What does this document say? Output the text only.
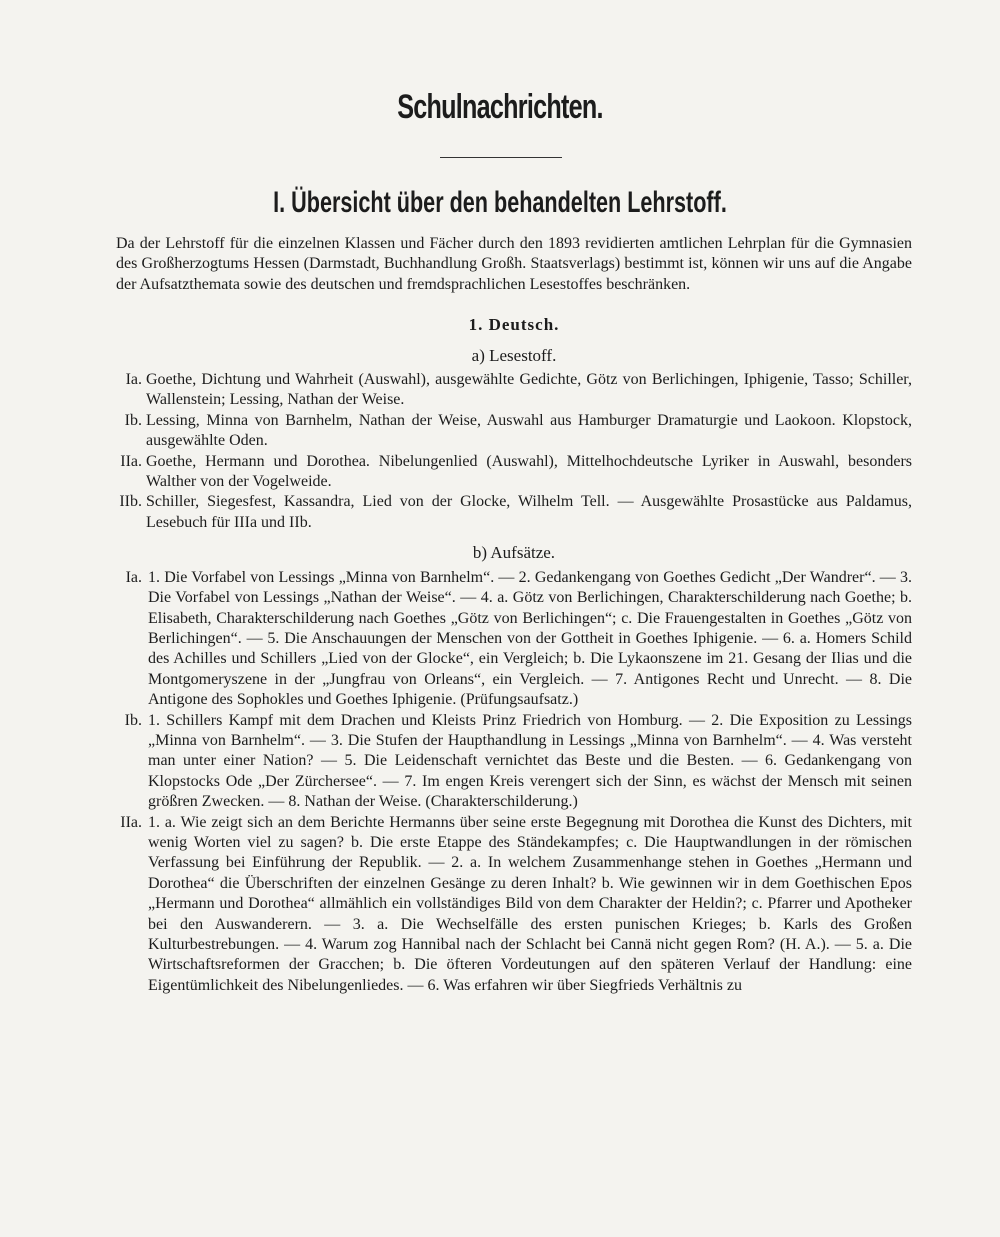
Schulnachrichten.
I. Übersicht über den behandelten Lehrstoff.

Da der Lehrstoff für die einzelnen Klassen und Fächer durch den 1893 revidierten amtlichen Lehrplan für die Gymnasien des Großherzogtums Hessen (Darmstadt, Buchhandlung Großh. Staatsverlags) bestimmt ist, können wir uns auf die Angabe der Aufsatzthemata sowie des deutschen und fremdsprachlichen Lesestoffes beschränken.

1. Deutsch.
a) Lesestoff.

Ia. Goethe, Dichtung und Wahrheit (Auswahl), ausgewählte Gedichte, Götz von Berlichingen, Iphigenie, Tasso; Schiller, Wallenstein; Lessing, Nathan der Weise.

Ib. Lessing, Minna von Barnhelm, Nathan der Weise, Auswahl aus Hamburger Dramaturgie und Laokoon. Klopstock, ausgewählte Oden.

IIa. Goethe, Hermann und Dorothea. Nibelungenlied (Auswahl), Mittelhochdeutsche Lyriker in Auswahl, besonders Walther von der Vogelweide.

IIb. Schiller, Siegesfest, Kassandra, Lied von der Glocke, Wilhelm Tell. — Ausgewählte Prosastücke aus Paldamus, Lesebuch für IIIa und IIb.

b) Aufsätze.

Ia. 1. Die Vorfabel von Lessings „Minna von Barnhelm“. — 2. Gedankengang von Goethes Gedicht „Der Wandrer“. — 3. Die Vorfabel von Lessings „Nathan der Weise“. — 4. a. Götz von Berlichingen, Charakterschilderung nach Goethe; b. Elisabeth, Charakterschilderung nach Goethes „Götz von Berlichingen“; c. Die Frauengestalten in Goethes „Götz von Berlichingen“. — 5. Die Anschauungen der Menschen von der Gottheit in Goethes Iphigenie. — 6. a. Homers Schild des Achilles und Schillers „Lied von der Glocke“, ein Vergleich; b. Die Lykaonszene im 21. Gesang der Ilias und die Montgomeryszene in der „Jungfrau von Orleans“, ein Vergleich. — 7. Antigones Recht und Unrecht. — 8. Die Antigone des Sophokles und Goethes Iphigenie. (Prüfungsaufsatz.)

Ib. 1. Schillers Kampf mit dem Drachen und Kleists Prinz Friedrich von Homburg. — 2. Die Exposition zu Lessings „Minna von Barnhelm“. — 3. Die Stufen der Haupthandlung in Lessings „Minna von Barnhelm“. — 4. Was versteht man unter einer Nation? — 5. Die Leidenschaft vernichtet das Beste und die Besten. — 6. Gedankengang von Klopstocks Ode „Der Zürchersee“. — 7. Im engen Kreis verengert sich der Sinn, es wächst der Mensch mit seinen größren Zwecken. — 8. Nathan der Weise. (Charakterschilderung.)

IIa. 1. a. Wie zeigt sich an dem Berichte Hermanns über seine erste Begegnung mit Dorothea die Kunst des Dichters, mit wenig Worten viel zu sagen? b. Die erste Etappe des Ständekampfes; c. Die Hauptwandlungen in der römischen Verfassung bei Einführung der Republik. — 2. a. In welchem Zusammenhange stehen in Goethes „Hermann und Dorothea“ die Überschriften der einzelnen Gesänge zu deren Inhalt? b. Wie gewinnen wir in dem Goethischen Epos „Hermann und Dorothea“ allmählich ein vollständiges Bild von dem Charakter der Heldin?; c. Pfarrer und Apotheker bei den Auswanderern. — 3. a. Die Wechselfälle des ersten punischen Krieges; b. Karls des Großen Kulturbestrebungen. — 4. Warum zog Hannibal nach der Schlacht bei Cannä nicht gegen Rom? (H. A.). — 5. a. Die Wirtschaftsreformen der Gracchen; b. Die öfteren Vordeutungen auf den späteren Verlauf der Handlung: eine Eigentümlichkeit des Nibelungenliedes. — 6. Was erfahren wir über Siegfrieds Verhältnis zu
